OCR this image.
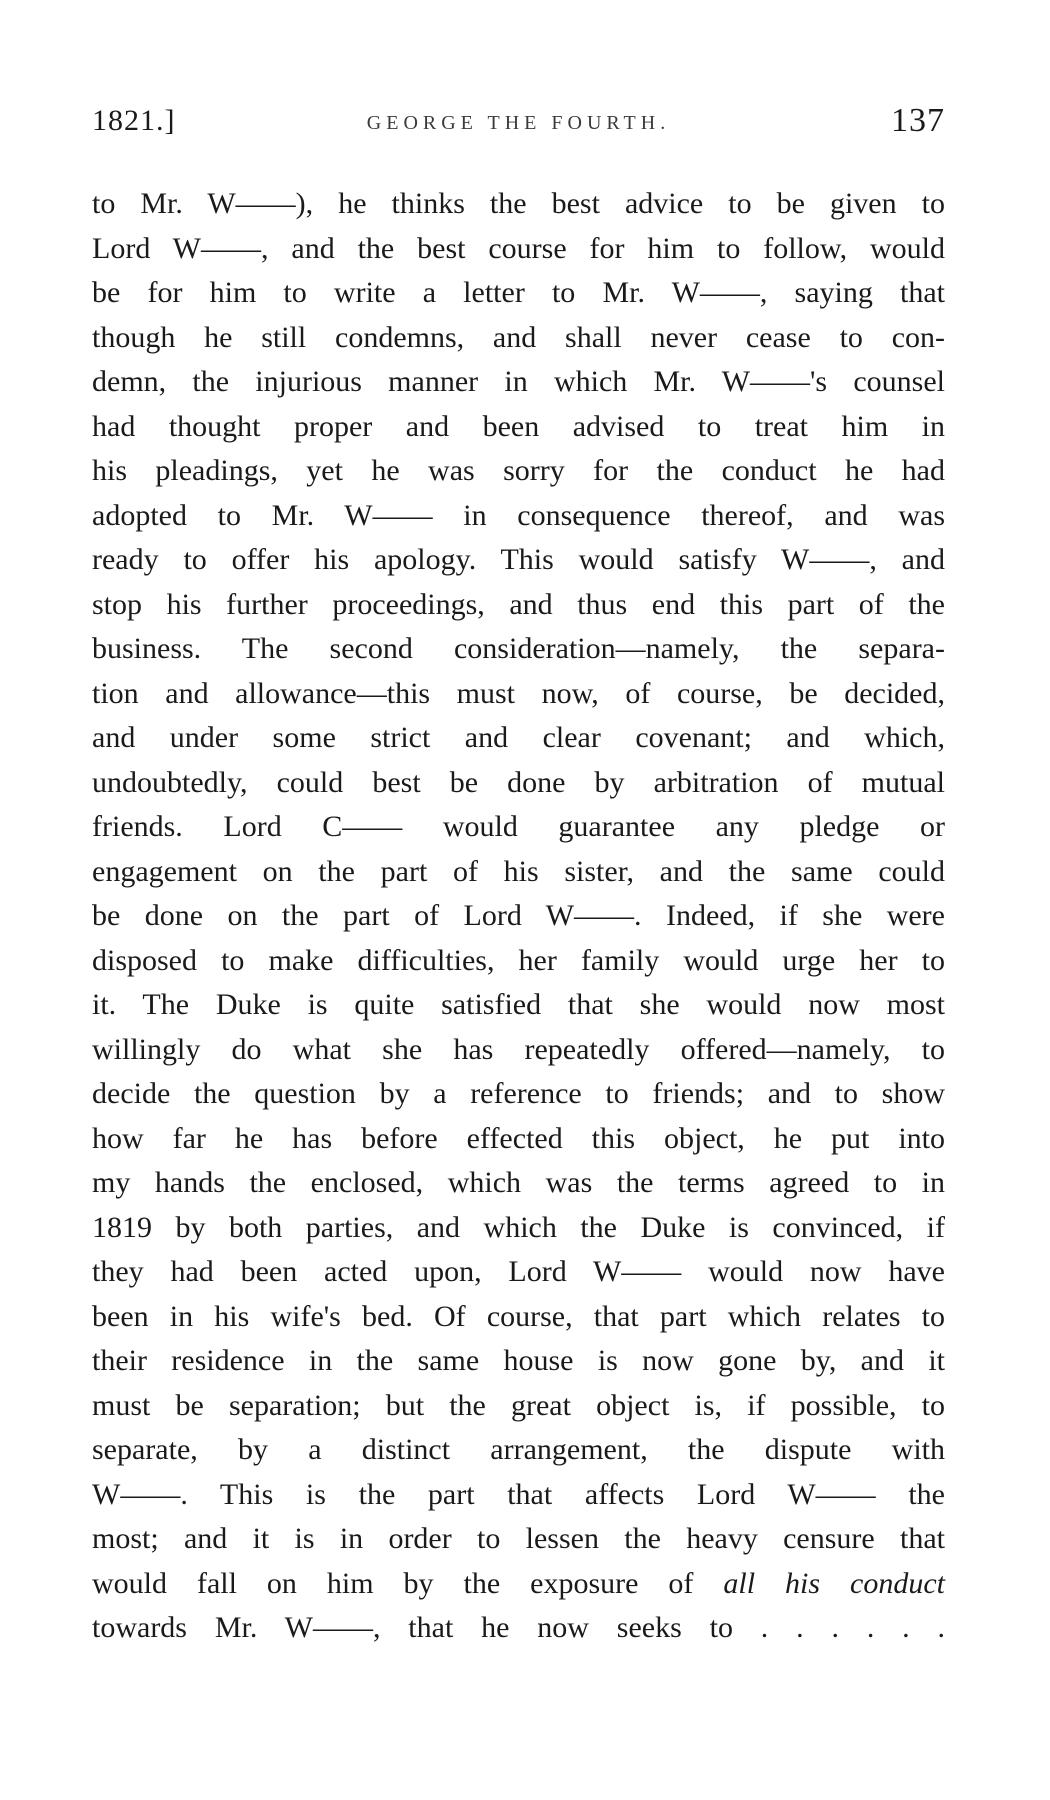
1821.]	GEORGE THE FOURTH.	137
to Mr. W——), he thinks the best advice to be given to
Lord W——, and the best course for him to follow, would
be for him to write a letter to Mr. W——, saying that
though he still condemns, and shall never cease to con-
demn, the injurious manner in which Mr. W——'s counsel
had thought proper and been advised to treat him in
his pleadings, yet he was sorry for the conduct he had
adopted to Mr. W—— in consequence thereof, and was
ready to offer his apology. This would satisfy W——, and
stop his further proceedings, and thus end this part of the
business. The second consideration—namely, the separa-
tion and allowance—this must now, of course, be decided,
and under some strict and clear covenant; and which,
undoubtedly, could best be done by arbitration of mutual
friends. Lord C—— would guarantee any pledge or
engagement on the part of his sister, and the same could
be done on the part of Lord W——. Indeed, if she were
disposed to make difficulties, her family would urge her to
it. The Duke is quite satisfied that she would now most
willingly do what she has repeatedly offered—namely, to
decide the question by a reference to friends; and to show
how far he has before effected this object, he put into
my hands the enclosed, which was the terms agreed to in
1819 by both parties, and which the Duke is convinced, if
they had been acted upon, Lord W—— would now have
been in his wife's bed. Of course, that part which relates to
their residence in the same house is now gone by, and it
must be separation; but the great object is, if possible, to
separate, by a distinct arrangement, the dispute with
W——. This is the part that affects Lord W—— the
most; and it is in order to lessen the heavy censure that
would fall on him by the exposure of all his conduct
towards Mr. W——, that he now seeks to . . . . . .
